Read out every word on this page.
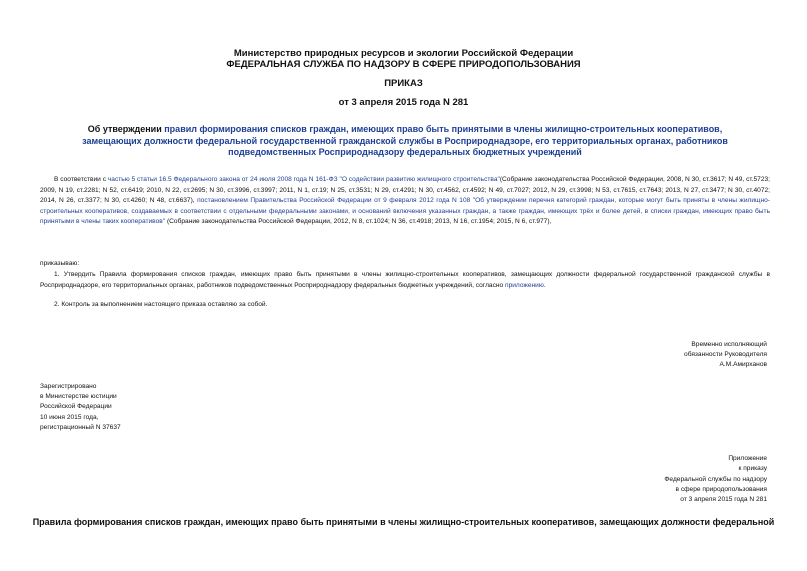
Министерство природных ресурсов и экологии Российской Федерации
ФЕДЕРАЛЬНАЯ СЛУЖБА ПО НАДЗОРУ В СФЕРЕ ПРИРОДОПОЛЬЗОВАНИЯ
ПРИКАЗ
от 3 апреля 2015 года N 281
Об утверждении правил формирования списков граждан, имеющих право быть принятыми в члены жилищно-строительных кооперативов, замещающих должности федеральной государственной гражданской службы в Росприроднадзоре, его территориальных органах, работников подведомственных Росприроднадзору федеральных бюджетных учреждений
В соответствии с частью 5 статьи 16.5 Федерального закона от 24 июля 2008 года N 161-ФЗ "О содействии развитию жилищного строительства"(Собрание законодательства Российской Федерации, 2008, N 30, ст.3617; N 49, ст.5723; 2009, N 19, ст.2281; N 52, ст.6419; 2010, N 22, ст.2695; N 30, ст.3996, ст.3997; 2011, N 1, ст.19; N 25, ст.3531; N 29, ст.4291; N 30, ст.4562, ст.4592; N 49, ст.7027; 2012, N 29, ст.3998; N 53, ст.7615, ст.7643; 2013, N 27, ст.3477; N 30, ст.4072; 2014, N 26, ст.3377; N 30, ст.4260; N 48, ст.6637), постановлением Правительства Российской Федерации от 9 февраля 2012 года N 108 "Об утверждении перечня категорий граждан, которые могут быть приняты в члены жилищно-строительных кооперативов, создаваемых в соответствии с отдельными федеральными законами, и оснований включения указанных граждан, а также граждан, имеющих трёх и более детей, в списки граждан, имеющих право быть принятыми в члены таких кооперативов" (Собрание законодательства Российской Федерации, 2012, N 8, ст.1024; N 36, ст.4918; 2013, N 16, ст.1954; 2015, N 6, ст.977),
приказываю:
1. Утвердить Правила формирования списков граждан, имеющих право быть принятыми в члены жилищно-строительных кооперативов, замещающих должности федеральной государственной гражданской службы в Росприроднадзоре, его территориальных органах, работников подведомственных Росприроднадзору федеральных бюджетных учреждений, согласно приложению.
2. Контроль за выполнением настоящего приказа оставляю за собой.
Временно исполняющий
обязанности Руководителя
А.М.Амирханов
Зарегистрировано
в Министерстве юстиции
Российской Федерации
10 июня 2015 года,
регистрационный N 37637
Приложение
к приказу
Федеральной службы по надзору
в сфере природопользования
от 3 апреля 2015 года N 281
Правила формирования списков граждан, имеющих право быть принятыми в члены жилищно-строительных кооперативов, замещающих должности федеральной
